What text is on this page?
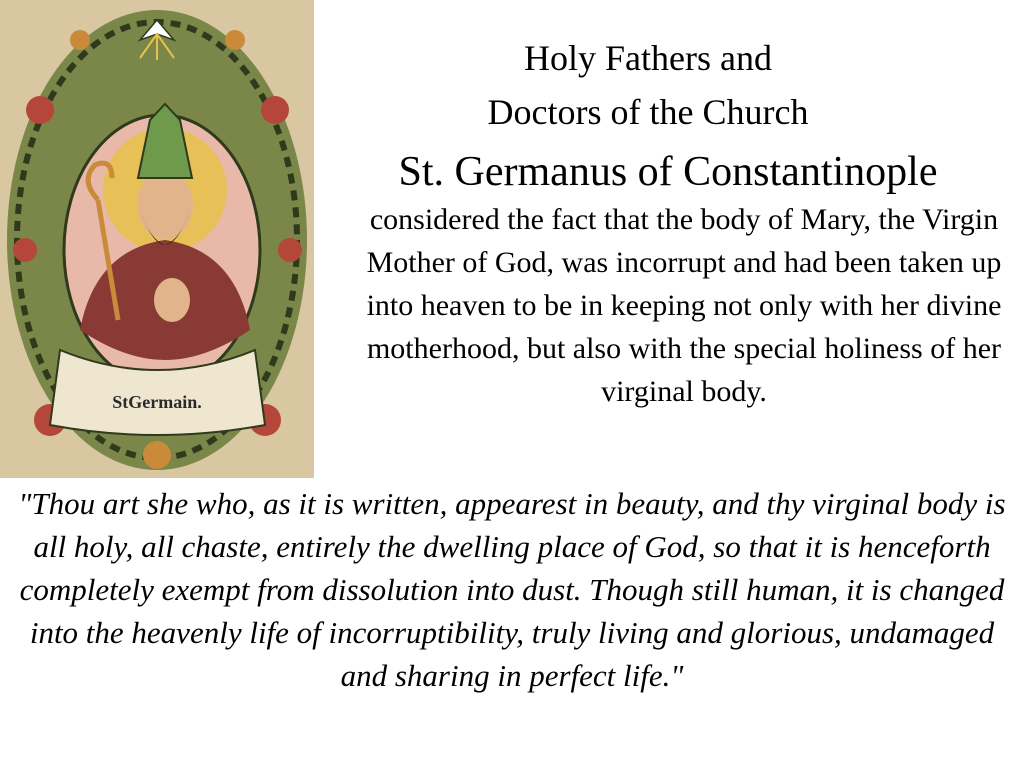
StGermain.
Holy Fathers and
Doctors of the Church
St. Germanus of Constantinople

considered the fact that the body of Mary, the Virgin Mother of God, was incorrupt and had been taken up into heaven to be in keeping not only with her divine motherhood, but also with the special holiness of her virginal body.

"Thou art she who, as it is written, appearest in beauty, and thy virginal body is all holy, all chaste, entirely the dwelling place of God, so that it is henceforth completely exempt from dissolution into dust. Though still human, it is changed into the heavenly life of incorruptibility, truly living and glorious, undamaged and sharing in perfect life."
